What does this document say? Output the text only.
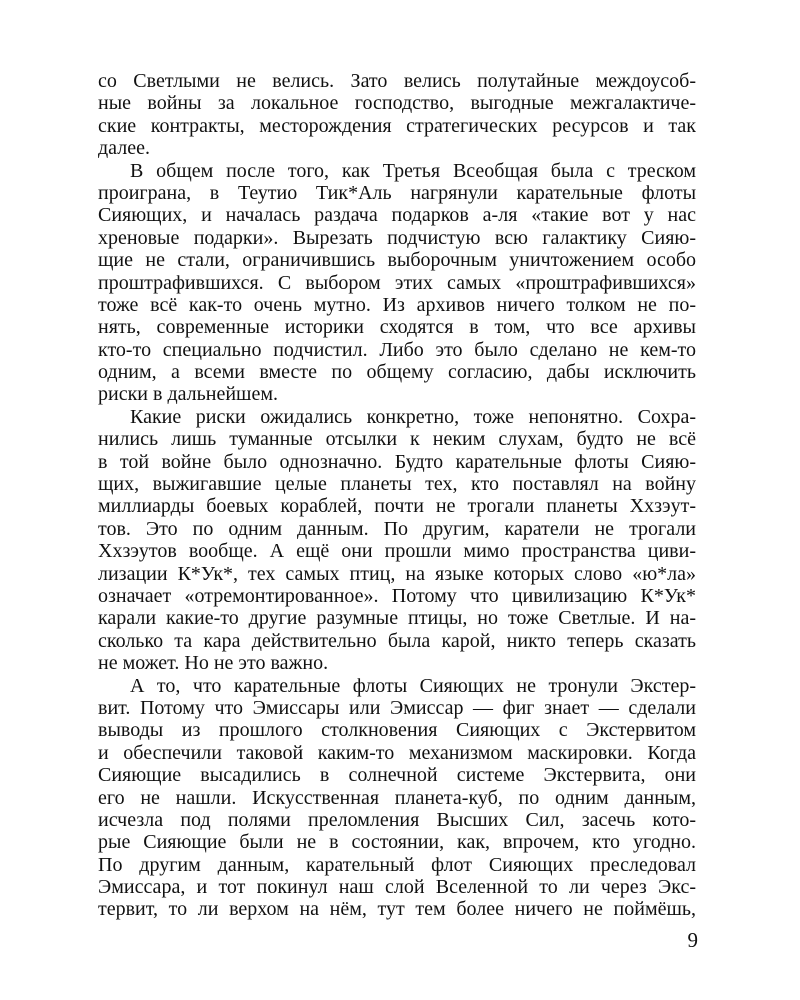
со Светлыми не велись. Зато велись полутайные междоусоб-
ные войны за локальное господство, выгодные межгалактиче-
ские контракты, месторождения стратегических ресурсов и так
далее.
В общем после того, как Третья Всеобщая была с треском
проиграна, в Теутио Тик*Аль нагрянули карательные флоты
Сияющих, и началась раздача подарков а-ля «такие вот у нас
хреновые подарки». Вырезать подчистую всю галактику Сияю-
щие не стали, ограничившись выборочным уничтожением особо
проштрафившихся. С выбором этих самых «проштрафившихся»
тоже всё как-то очень мутно. Из архивов ничего толком не по-
нять, современные историки сходятся в том, что все архивы
кто-то специально подчистил. Либо это было сделано не кем-то
одним, а всеми вместе по общему согласию, дабы исключить
риски в дальнейшем.
Какие риски ожидались конкретно, тоже непонятно. Сохра-
нились лишь туманные отсылки к неким слухам, будто не всё
в той войне было однозначно. Будто карательные флоты Сияю-
щих, выжигавшие целые планеты тех, кто поставлял на войну
миллиарды боевых кораблей, почти не трогали планеты Хxзэут-
тов. Это по одним данным. По другим, каратели не трогали
Хxзэутов вообще. А ещё они прошли мимо пространства циви-
лизации К*Ук*, тех самых птиц, на языке которых слово «ю*ла»
означает «отремонтированное». Потому что цивилизацию К*Ук*
карали какие-то другие разумные птицы, но тоже Светлые. И на-
сколько та кара действительно была карой, никто теперь сказать
не может. Но не это важно.
А то, что карательные флоты Сияющих не тронули Экстер-
вит. Потому что Эмиссары или Эмиссар — фиг знает — сделали
выводы из прошлого столкновения Сияющих с Экстервитом
и обеспечили таковой каким-то механизмом маскировки. Когда
Сияющие высадились в солнечной системе Экстервита, они
его не нашли. Искусственная планета-куб, по одним данным,
исчезла под полями преломления Высших Сил, засечь кото-
рые Сияющие были не в состоянии, как, впрочем, кто угодно.
По другим данным, карательный флот Сияющих преследовал
Эмиссара, и тот покинул наш слой Вселенной то ли через Экс-
тервит, то ли верхом на нём, тут тем более ничего не поймёшь,
9
